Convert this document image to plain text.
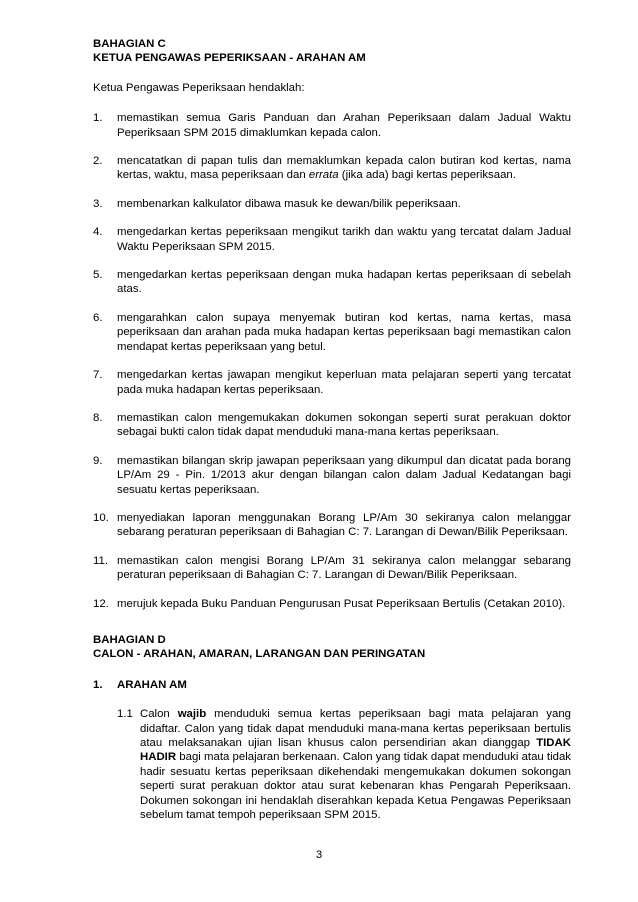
BAHAGIAN C

KETUA PENGAWAS PEPERIKSAAN - ARAHAN AM

Ketua Pengawas Peperiksaan hendaklah:

1.	memastikan semua Garis Panduan dan Arahan Peperiksaan dalam Jadual Waktu Peperiksaan SPM 2015 dimaklumkan kepada calon.
2.	mencatatkan di papan tulis dan memaklumkan kepada calon butiran kod kertas, nama kertas, waktu, masa peperiksaan dan errata (jika ada) bagi kertas peperiksaan.
3.	membenarkan kalkulator dibawa masuk ke dewan/bilik peperiksaan.
4.	mengedarkan kertas peperiksaan mengikut tarikh dan waktu yang tercatat dalam Jadual Waktu Peperiksaan SPM 2015.
5.	mengedarkan kertas peperiksaan dengan muka hadapan kertas peperiksaan di sebelah atas.
6.	mengarahkan calon supaya menyemak butiran kod kertas, nama kertas, masa peperiksaan dan arahan pada muka hadapan kertas peperiksaan bagi memastikan calon mendapat kertas peperiksaan yang betul.
7.	mengedarkan kertas jawapan mengikut keperluan mata pelajaran seperti yang tercatat pada muka hadapan kertas peperiksaan.
8.	memastikan calon mengemukakan dokumen sokongan seperti surat perakuan doktor sebagai bukti calon tidak dapat menduduki mana-mana kertas peperiksaan.
9.	memastikan bilangan skrip jawapan peperiksaan yang dikumpul dan dicatat pada borang LP/Am 29 - Pin. 1/2013 akur dengan bilangan calon dalam Jadual Kedatangan bagi sesuatu kertas peperiksaan.
10. menyediakan laporan menggunakan Borang LP/Am 30 sekiranya calon melanggar sebarang peraturan peperiksaan di Bahagian C: 7. Larangan di Dewan/Bilik Peperiksaan.
11. memastikan calon mengisi Borang LP/Am 31 sekiranya calon melanggar sebarang peraturan peperiksaan di Bahagian C: 7. Larangan di Dewan/Bilik Peperiksaan.
12. merujuk kepada Buku Panduan Pengurusan Pusat Peperiksaan Bertulis (Cetakan 2010).

BAHAGIAN D

CALON - ARAHAN, AMARAN, LARANGAN DAN PERINGATAN

1.	ARAHAN AM
1.1 Calon wajib menduduki semua kertas peperiksaan bagi mata pelajaran yang didaftar. Calon yang tidak dapat menduduki mana-mana kertas peperiksaan bertulis atau melaksanakan ujian lisan khusus calon persendirian akan dianggap TIDAK HADIR bagi mata pelajaran berkenaan. Calon yang tidak dapat menduduki atau tidak hadir sesuatu kertas peperiksaan dikehendaki mengemukakan dokumen sokongan seperti surat perakuan doktor atau surat kebenaran khas Pengarah Peperiksaan. Dokumen sokongan ini hendaklah diserahkan kepada Ketua Pengawas Peperiksaan sebelum tamat tempoh peperiksaan SPM 2015.
3
